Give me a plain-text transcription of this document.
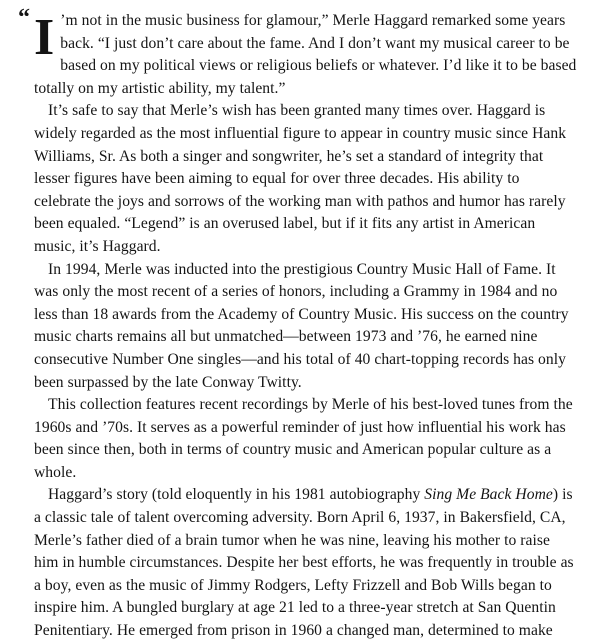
“ I ’m not in the music business for glamour,” Merle Haggard remarked some years back. “I just don’t care about the fame. And I don’t want my musical career to be based on my political views or religious beliefs or whatever. I’d like it to be based totally on my artistic ability, my talent.”

It’s safe to say that Merle’s wish has been granted many times over. Haggard is widely regarded as the most influential figure to appear in country music since Hank Williams, Sr. As both a singer and songwriter, he’s set a standard of integrity that lesser figures have been aiming to equal for over three decades. His ability to celebrate the joys and sorrows of the working man with pathos and humor has rarely been equaled. “Legend” is an overused label, but if it fits any artist in American music, it’s Haggard.

In 1994, Merle was inducted into the prestigious Country Music Hall of Fame. It was only the most recent of a series of honors, including a Grammy in 1984 and no less than 18 awards from the Academy of Country Music. His success on the country music charts remains all but unmatched—between 1973 and ’76, he earned nine consecutive Number One singles—and his total of 40 chart-topping records has only been surpassed by the late Conway Twitty.

This collection features recent recordings by Merle of his best-loved tunes from the 1960s and ’70s. It serves as a powerful reminder of just how influential his work has been since then, both in terms of country music and American popular culture as a whole.

Haggard’s story (told eloquently in his 1981 autobiography Sing Me Back Home) is a classic tale of talent overcoming adversity. Born April 6, 1937, in Bakersfield, CA, Merle’s father died of a brain tumor when he was nine, leaving his mother to raise him in humble circumstances. Despite her best efforts, he was frequently in trouble as a boy, even as the music of Jimmy Rodgers, Lefty Frizzell and Bob Wills began to inspire him. A bungled burglary at age 21 led to a three-year stretch at San Quentin Penitentiary. He emerged from prison in 1960 a changed man, determined to make
